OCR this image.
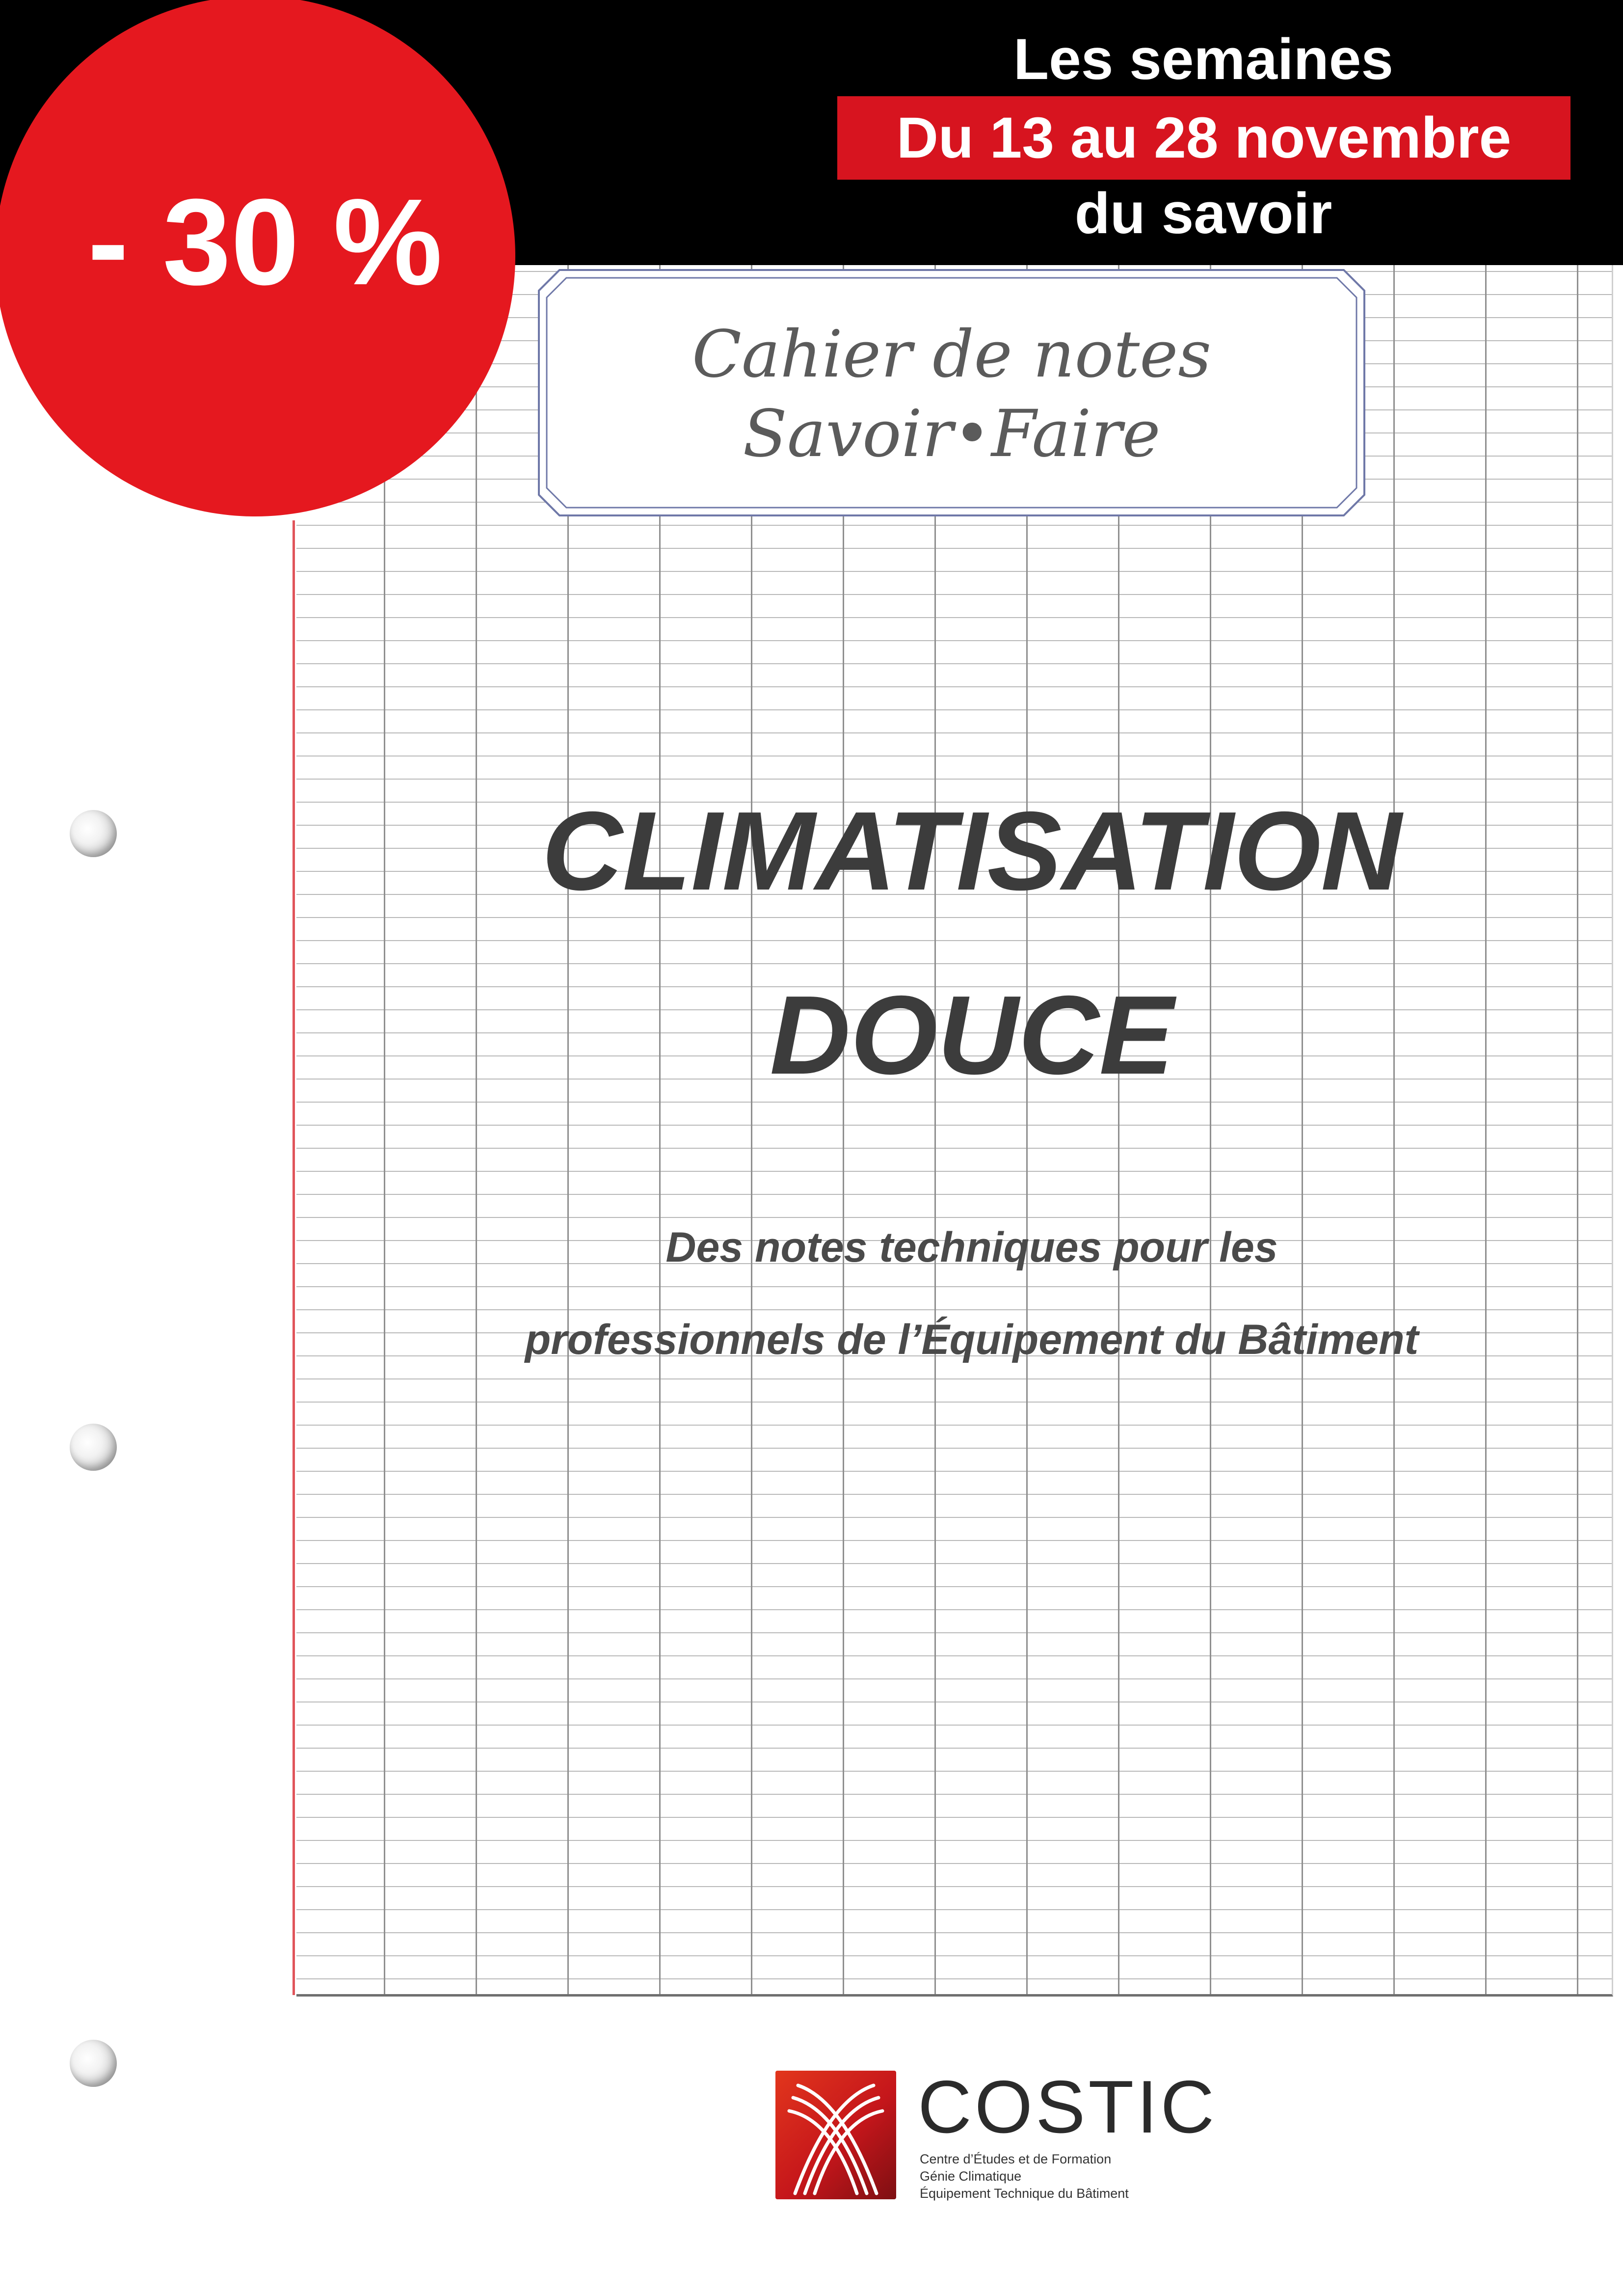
Cahier de notes
Savoir•Faire
CLIMATISATION
DOUCE
Des notes techniques pour les
professionnels de l’Équipement du Bâtiment
COSTIC
Centre d’Études et de Formation
Génie Climatique
Équipement Technique du Bâtiment
Les semaines
Du 13 au 28 novembre
du savoir
- 30 %
